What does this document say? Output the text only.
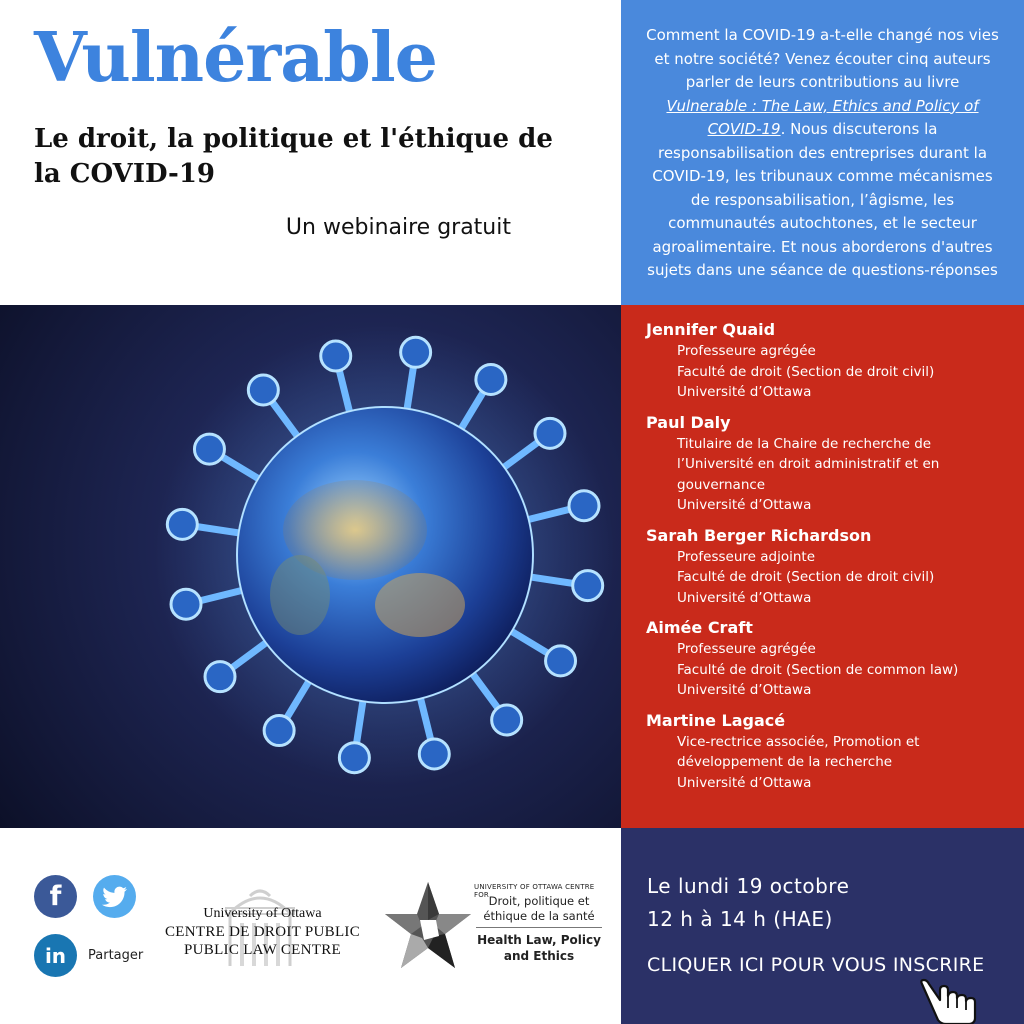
Vulnérable
Le droit, la politique et l'éthique de la COVID-19
Un webinaire gratuit
Comment la COVID-19 a-t-elle changé nos vies et notre société? Venez écouter cinq auteurs parler de leurs contributions au livre Vulnerable : The Law, Ethics and Policy of COVID-19. Nous discuterons la responsabilisation des entreprises durant la COVID-19, les tribunaux comme mécanismes de responsabilisation, l’âgisme, les communautés autochtones, et le secteur agroalimentaire. Et nous aborderons d'autres sujets dans une séance de questions-réponses
Jennifer Quaid
Professeure agrégée
Faculté de droit (Section de droit civil)
Université d’Ottawa
Paul Daly
Titulaire de la Chaire de recherche de l’Université en droit administratif et en gouvernance
Université d’Ottawa
Sarah Berger Richardson
Professeure adjointe
Faculté de droit (Section de droit civil)
Université d’Ottawa
Aimée Craft
Professeure agrégée
Faculté de droit (Section de common law)
Université d’Ottawa
Martine Lagacé
Vice-rectrice associée, Promotion et développement de la recherche
Université d’Ottawa
f
in	Partager
University of Ottawa
CENTRE DE DROIT PUBLIC
PUBLIC LAW CENTRE
UNIVERSITY OF OTTAWA CENTRE FOR Droit, politique et éthique de la santé
Health Law, Policy and Ethics
Le lundi 19 octobre
12 h à 14 h (HAE)
CLIQUER ICI POUR VOUS INSCRIRE
